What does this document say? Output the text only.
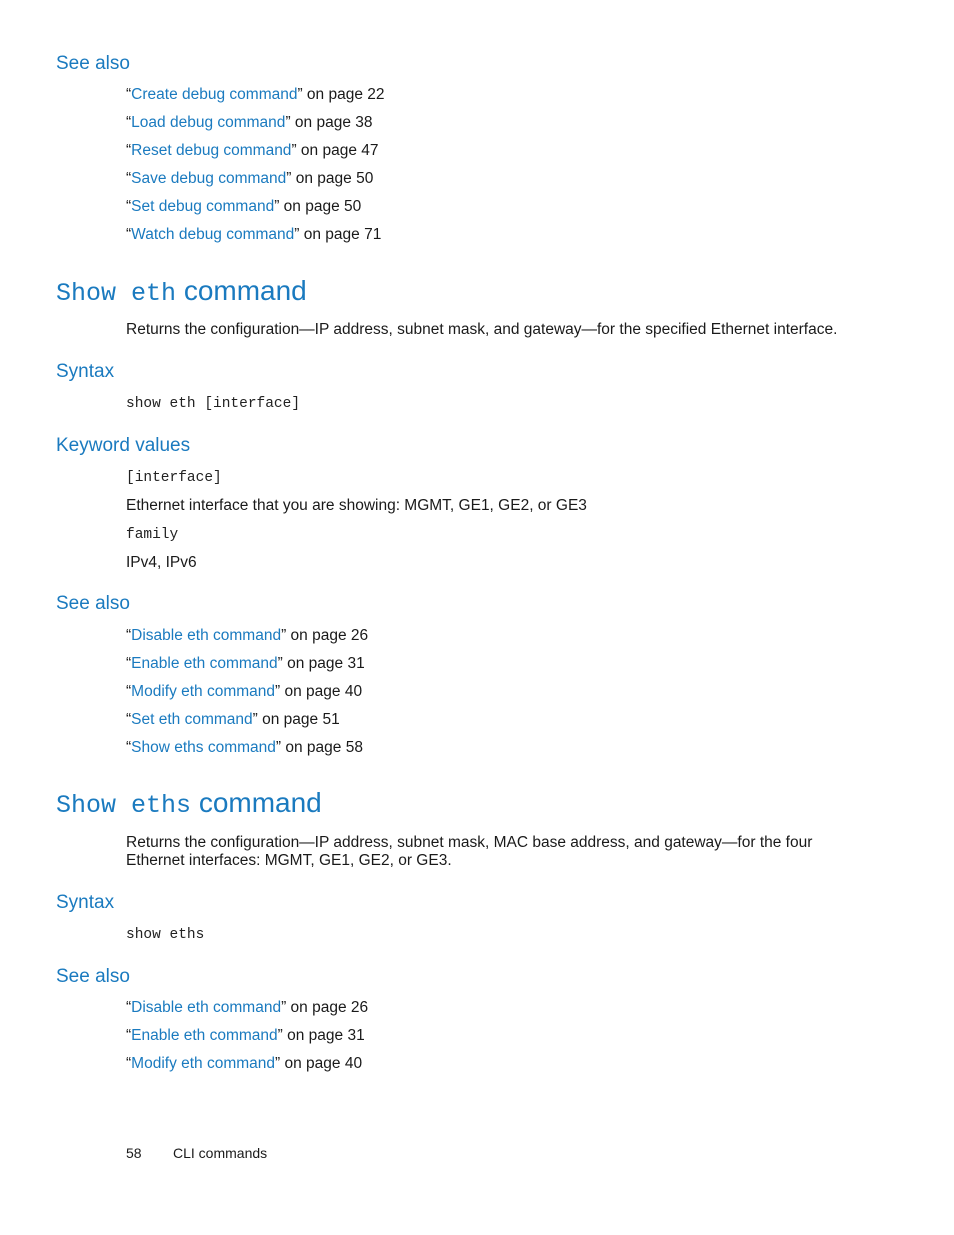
See also
“Create debug command” on page 22
“Load debug command” on page 38
“Reset debug command” on page 47
“Save debug command” on page 50
“Set debug command” on page 50
“Watch debug command” on page 71
Show eth command
Returns the configuration—IP address, subnet mask, and gateway—for the specified Ethernet interface.
Syntax
show eth [interface]
Keyword values
[interface]
Ethernet interface that you are showing: MGMT, GE1, GE2, or GE3
family
IPv4, IPv6
See also
“Disable eth command” on page 26
“Enable eth command” on page 31
“Modify eth command” on page 40
“Set eth command” on page 51
“Show eths command” on page 58
Show eths command
Returns the configuration—IP address, subnet mask, MAC base address, and gateway—for the four Ethernet interfaces: MGMT, GE1, GE2, or GE3.
Syntax
show eths
See also
“Disable eth command” on page 26
“Enable eth command” on page 31
“Modify eth command” on page 40
58 CLI commands
